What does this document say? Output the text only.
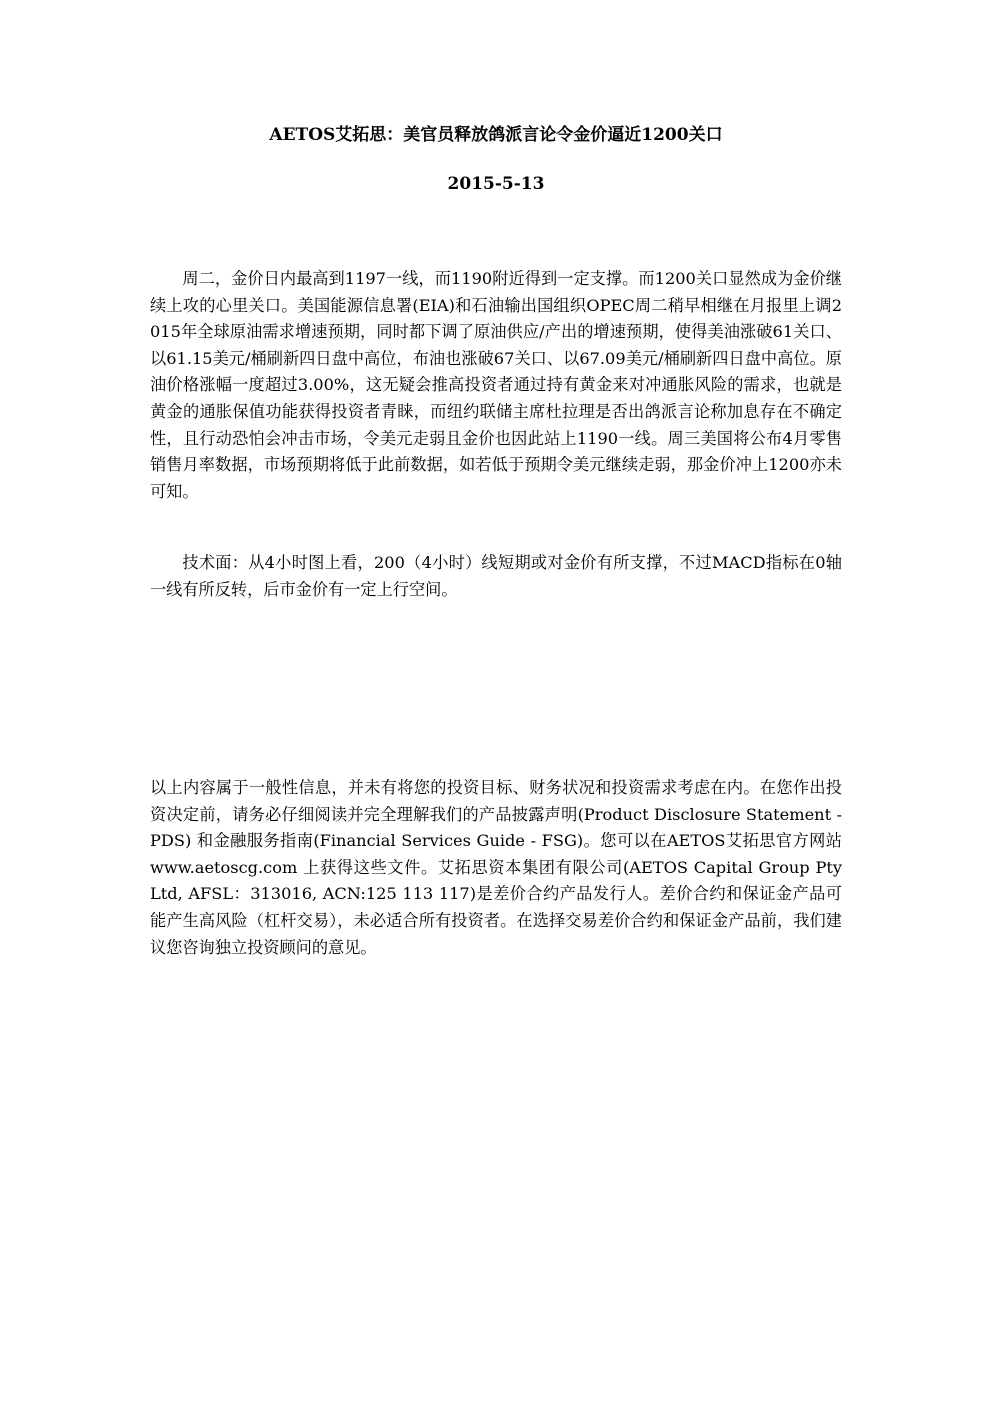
AETOS艾拓思：美官员释放鸽派言论令金价逼近1200关口
2015-5-13

周二，金价日内最高到1197一线，而1190附近得到一定支撑。而1200关口显然成为金价继续上攻的心里关口。美国能源信息署(EIA)和石油输出国组织OPEC周二稍早相继在月报里上调2015年全球原油需求增速预期，同时都下调了原油供应/产出的增速预期，使得美油涨破61关口、以61.15美元/桶刷新四日盘中高位，布油也涨破67关口、以67.09美元/桶刷新四日盘中高位。原油价格涨幅一度超过3.00%，这无疑会推高投资者通过持有黄金来对冲通胀风险的需求，也就是黄金的通胀保值功能获得投资者青睐，而纽约联储主席杜拉理是否出鸽派言论称加息存在不确定性，且行动恐怕会冲击市场，令美元走弱且金价也因此站上1190一线。周三美国将公布4月零售销售月率数据，市场预期将低于此前数据，如若低于预期令美元继续走弱，那金价冲上1200亦未可知。

技术面：从4小时图上看，200（4小时）线短期或对金价有所支撑，不过MACD指标在0轴一线有所反转，后市金价有一定上行空间。

以上内容属于一般性信息，并未有将您的投资目标、财务状况和投资需求考虑在内。在您作出投资决定前，请务必仔细阅读并完全理解我们的产品披露声明(Product Disclosure Statement - PDS) 和金融服务指南(Financial Services Guide - FSG)。您可以在AETOS艾拓思官方网站www.aetoscg.com 上获得这些文件。艾拓思资本集团有限公司(AETOS Capital Group Pty Ltd, AFSL：313016, ACN:125 113 117)是差价合约产品发行人。差价合约和保证金产品可能产生高风险（杠杆交易），未必适合所有投资者。在选择交易差价合约和保证金产品前，我们建议您咨询独立投资顾问的意见。
